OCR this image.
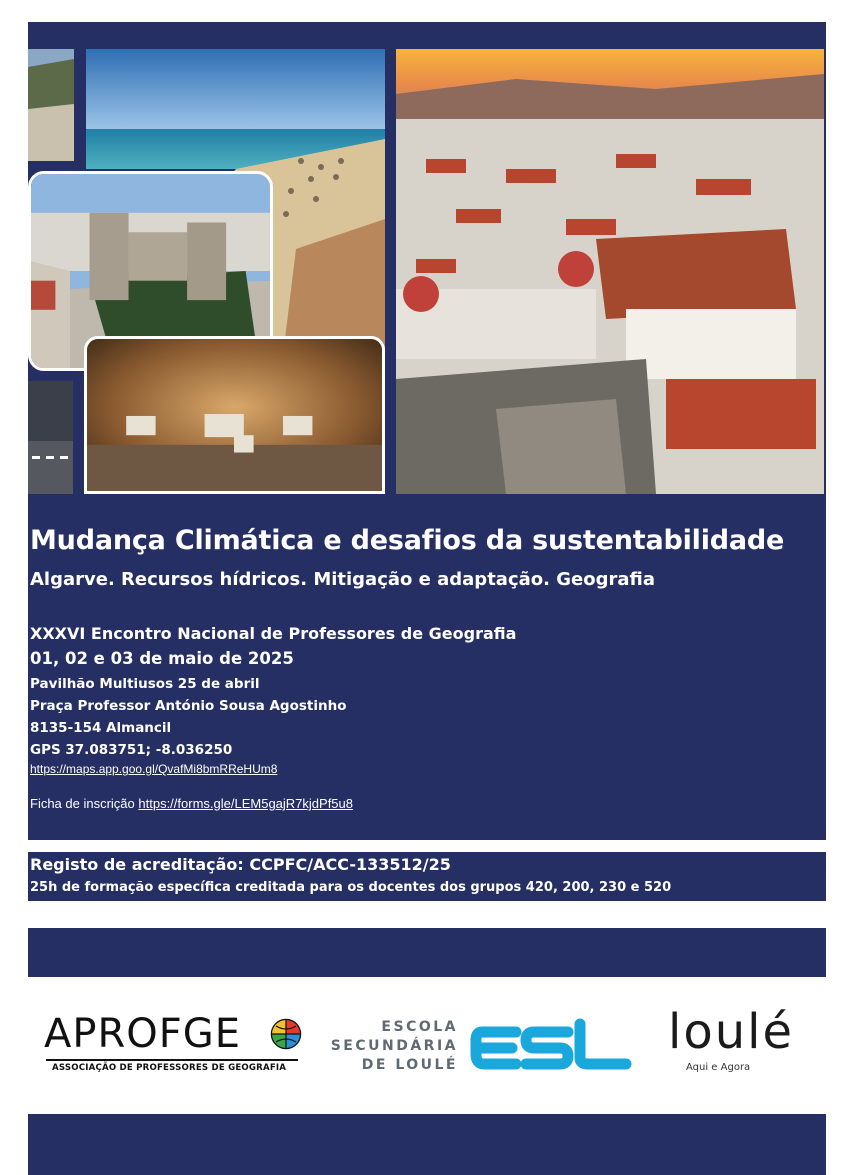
Mudança Climática e desafios da sustentabilidade
Algarve. Recursos hídricos. Mitigação e adaptação. Geografia
XXXVI Encontro Nacional de Professores de Geografia
01, 02 e 03 de maio de 2025
Pavilhão Multiusos 25 de abril
Praça Professor António Sousa Agostinho
8135-154 Almancil
GPS 37.083751; -8.036250
https://maps.app.goo.gl/QvafMi8bmRReHUm8
Ficha de inscrição https://forms.gle/LEM5gajR7kjdPf5u8
Registo de acreditação: CCPFC/ACC-133512/25
25h de formação específica creditada para os docentes dos grupos 420, 200, 230 e 520
APROFGE
ASSOCIAÇÃO DE PROFESSORES DE GEOGRAFIA
ESCOLA
SECUNDÁRIA
DE LOULÉ
loulé
Aqui e Agora
